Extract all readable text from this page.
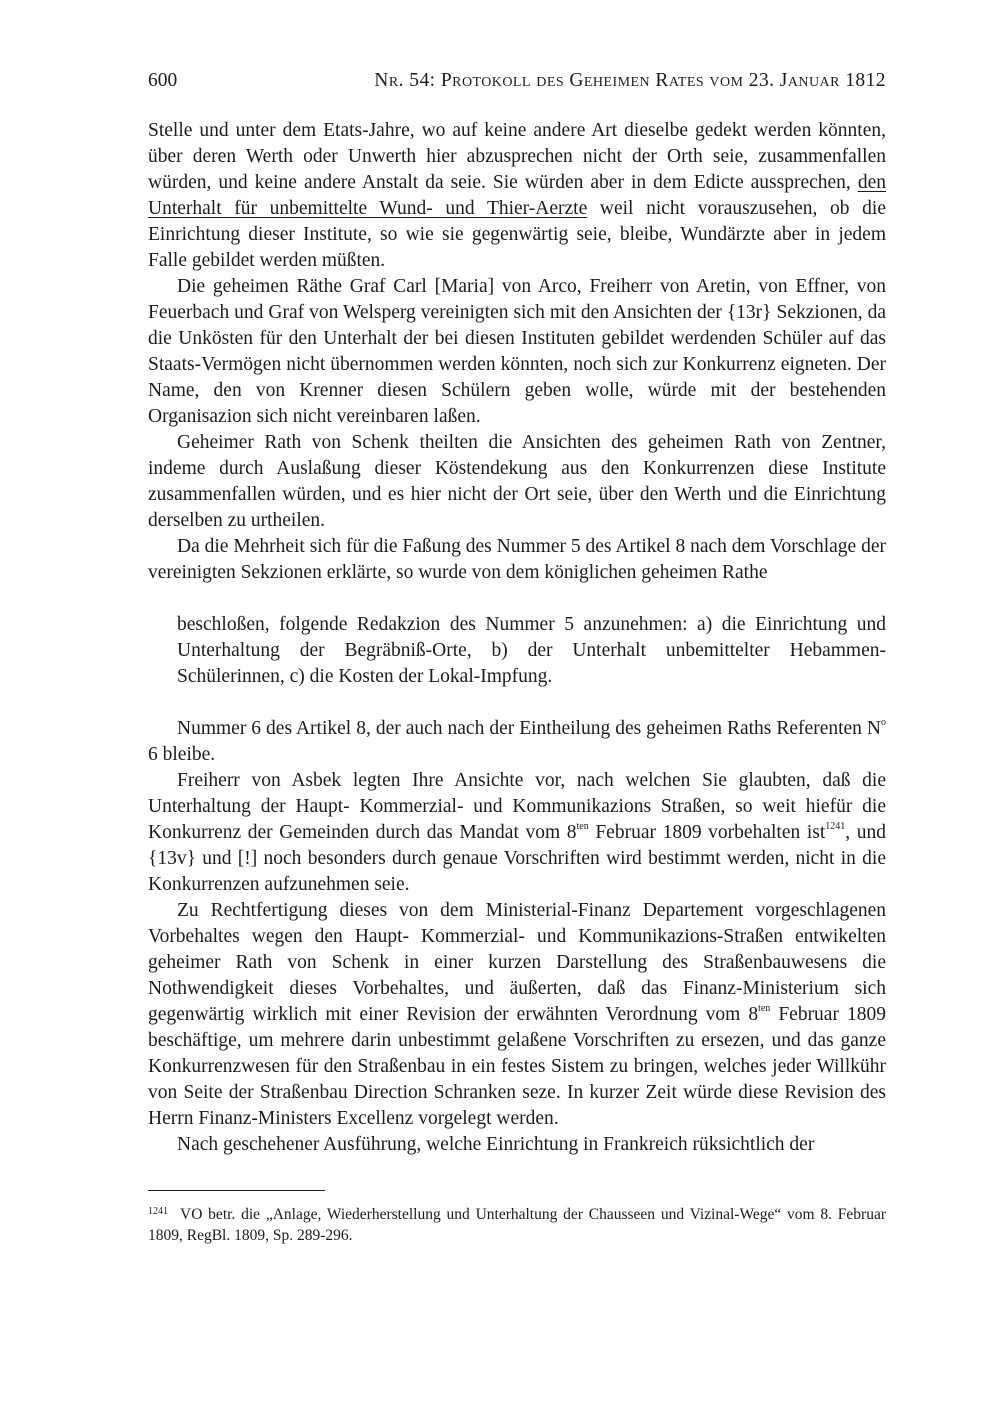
600	Nr. 54: Protokoll des Geheimen Rates vom 23. Januar 1812

Stelle und unter dem Etats-Jahre, wo auf keine andere Art dieselbe gedekt werden könnten, über deren Werth oder Unwerth hier abzusprechen nicht der Orth seie, zusammenfallen würden, und keine andere Anstalt da seie. Sie würden aber in dem Edicte aussprechen, den Unterhalt für unbemittelte Wund- und Thier-Aerzte weil nicht vorauszusehen, ob die Einrichtung dieser Institute, so wie sie gegenwärtig seie, bleibe, Wundärzte aber in jedem Falle gebildet werden müßten.

Die geheimen Räthe Graf Carl [Maria] von Arco, Freiherr von Aretin, von Effner, von Feuerbach und Graf von Welsperg vereinigten sich mit den Ansichten der {13r} Sekzionen, da die Unkösten für den Unterhalt der bei diesen Instituten gebildet werdenden Schüler auf das Staats-Vermögen nicht übernommen werden könnten, noch sich zur Konkurrenz eigneten. Der Name, den von Krenner diesen Schülern geben wolle, würde mit der bestehenden Organisazion sich nicht vereinbaren laßen.

Geheimer Rath von Schenk theilten die Ansichten des geheimen Rath von Zentner, indeme durch Auslaßung dieser Köstendekung aus den Konkurrenzen diese Institute zusammenfallen würden, und es hier nicht der Ort seie, über den Werth und die Einrichtung derselben zu urtheilen.

Da die Mehrheit sich für die Faßung des Nummer 5 des Artikel 8 nach dem Vorschlage der vereinigten Sekzionen erklärte, so wurde von dem königlichen geheimen Rathe

beschloßen, folgende Redakzion des Nummer 5 anzunehmen: a) die Einrichtung und Unterhaltung der Begräbniß-Orte, b) der Unterhalt unbemittelter Hebammen-Schülerinnen, c) die Kosten der Lokal-Impfung.

Nummer 6 des Artikel 8, der auch nach der Eintheilung des geheimen Raths Referenten $N^o$ 6 bleibe.

Freiherr von Asbek legten Ihre Ansichte vor, nach welchen Sie glaubten, daß die Unterhaltung der Haupt- Kommerzial- und Kommunikazions Straßen, so weit hiefür die Konkurrenz der Gemeinden durch das Mandat vom $8^{ten}$ Februar 1809 vorbehalten ist$^{1241}$, und {13v} und [!] noch besonders durch genaue Vorschriften wird bestimmt werden, nicht in die Konkurrenzen aufzunehmen seie.

Zu Rechtfertigung dieses von dem Ministerial-Finanz Departement vorgeschlagenen Vorbehaltes wegen den Haupt- Kommerzial- und Kommunikazions-Straßen entwikelten geheimer Rath von Schenk in einer kurzen Darstellung des Straßenbauwesens die Nothwendigkeit dieses Vorbehaltes, und äußerten, daß das Finanz-Ministerium sich gegenwärtig wirklich mit einer Revision der erwähnten Verordnung vom $8^{ten}$ Februar 1809 beschäftige, um mehrere darin unbestimmt gelaßene Vorschriften zu ersezen, und das ganze Konkurrenzwesen für den Straßenbau in ein festes Sistem zu bringen, welches jeder Willkühr von Seite der Straßenbau Direction Schranken seze. In kurzer Zeit würde diese Revision des Herrn Finanz-Ministers Excellenz vorgelegt werden.

Nach geschehener Ausführung, welche Einrichtung in Frankreich rüksichtlich der

$^{1241}$ VO betr. die „Anlage, Wiederherstellung und Unterhaltung der Chausseen und Vizinal-Wege“ vom 8. Februar 1809, RegBl. 1809, Sp. 289-296.
